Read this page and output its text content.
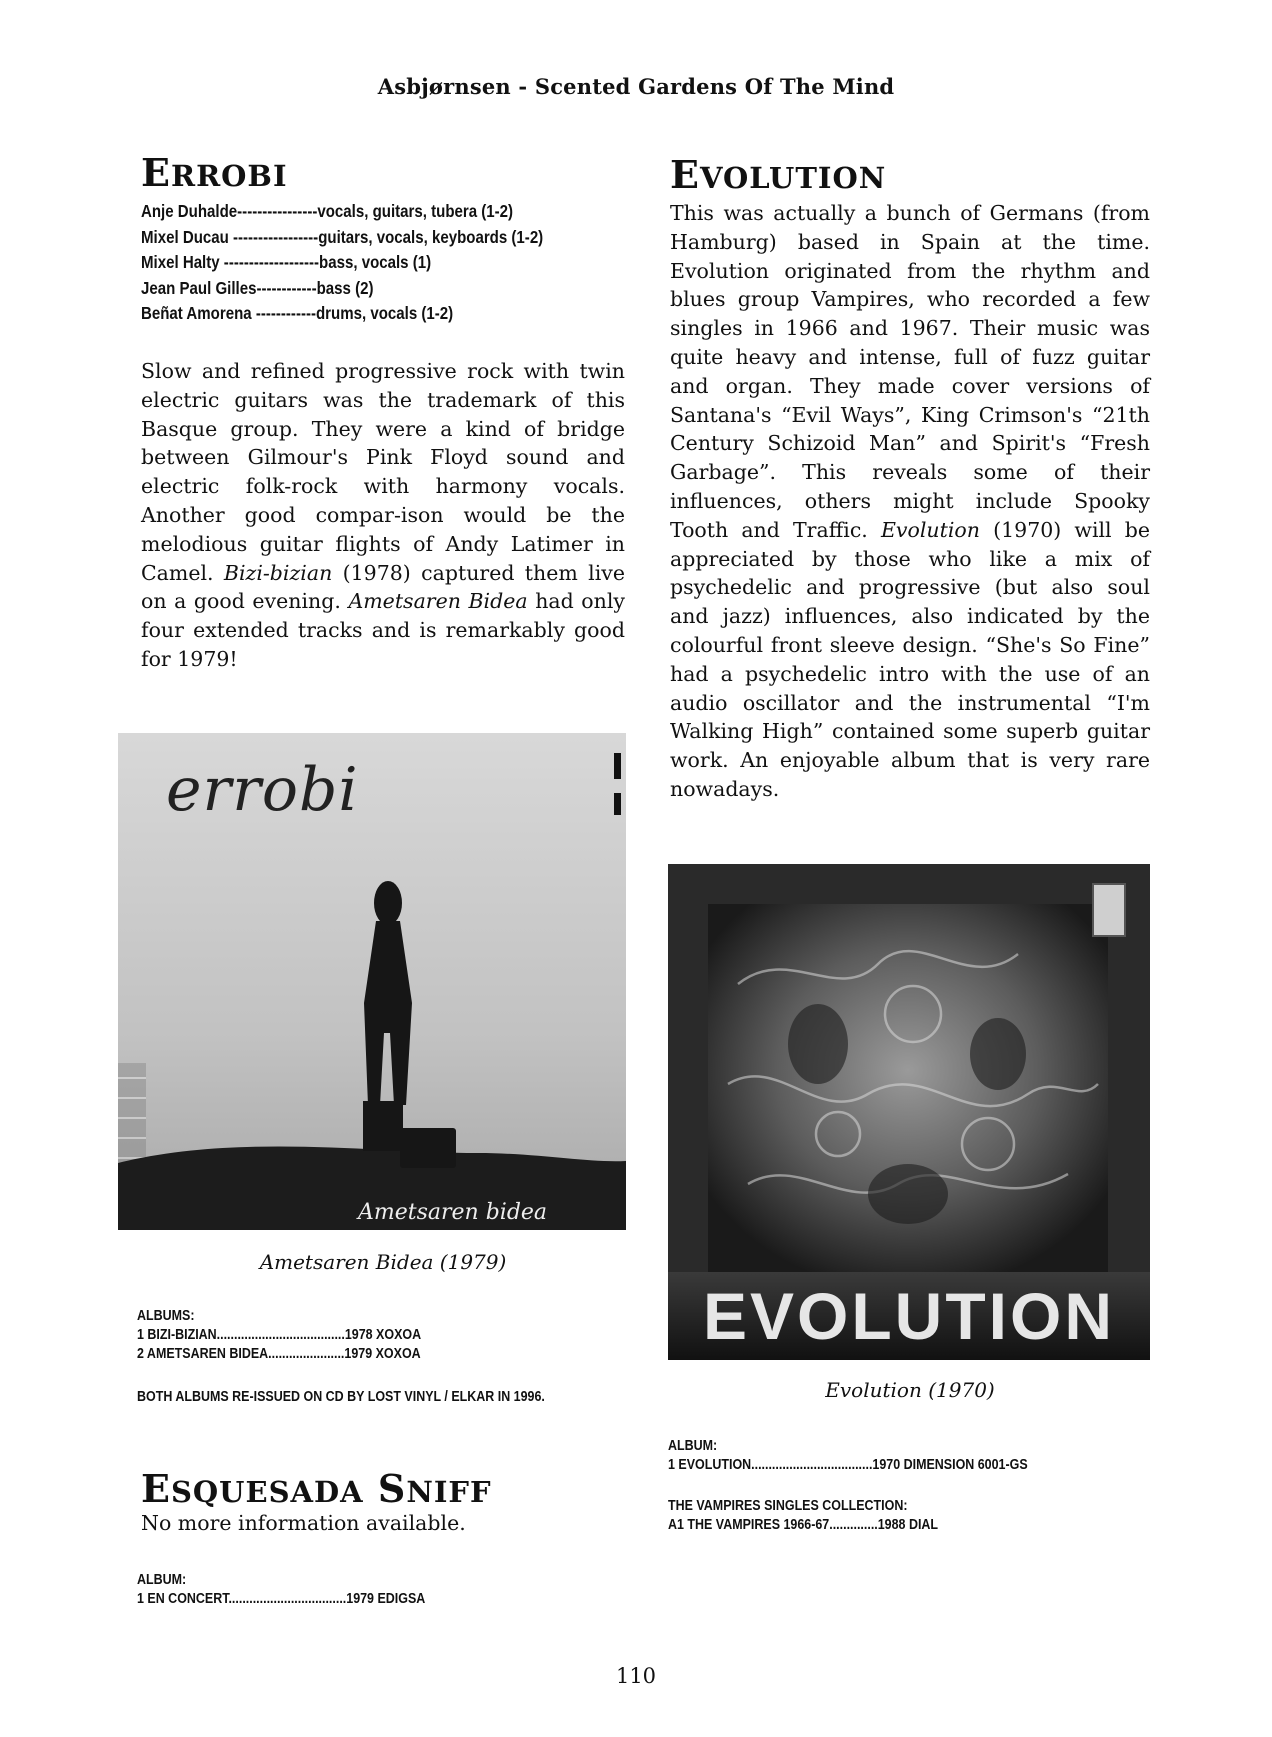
Asbjørnsen - Scented Gardens Of The Mind
ERROBI
Anje Duhalde----------------vocals, guitars, tubera (1-2)
Mixel Ducau -----------------guitars, vocals, keyboards (1-2)
Mixel Halty -------------------bass, vocals (1)
Jean Paul Gilles------------bass (2)
Beñat Amorena ------------drums, vocals (1-2)
Slow and refined progressive rock with twin electric guitars was the trademark of this Basque group. They were a kind of bridge between Gilmour's Pink Floyd sound and electric folk-rock with harmony vocals. Another good compar-ison would be the melodious guitar flights of Andy Latimer in Camel. Bizi-bizian (1978) captured them live on a good evening. Ametsaren Bidea had only four extended tracks and is remarkably good for 1979!
errobi
Ametsaren bidea
Ametsaren Bidea (1979)
ALBUMS:
1 BIZI-BIZIAN.....................................1978 XOXOA
2 AMETSAREN BIDEA......................1979 XOXOA
BOTH ALBUMS RE-ISSUED ON CD BY LOST VINYL / ELKAR IN 1996.
ESQUESADA SNIFF
No more information available.
ALBUM:
1 EN CONCERT..................................1979 EDIGSA
EVOLUTION
This was actually a bunch of Germans (from Hamburg) based in Spain at the time. Evolution originated from the rhythm and blues group Vampires, who recorded a few singles in 1966 and 1967. Their music was quite heavy and intense, full of fuzz guitar and organ. They made cover versions of Santana's “Evil Ways”, King Crimson's “21th Century Schizoid Man” and Spirit's “Fresh Garbage”. This reveals some of their influences, others might include Spooky Tooth and Traffic. Evolution (1970) will be appreciated by those who like a mix of psychedelic and progressive (but also soul and jazz) influences, also indicated by the colourful front sleeve design. “She's So Fine” had a psychedelic intro with the use of an audio oscillator and the instrumental “I'm Walking High” contained some superb guitar work. An enjoyable album that is very rare nowadays.
EVOLUTION
Evolution (1970)
ALBUM:
1 EVOLUTION...................................1970 DIMENSION 6001-GS
THE VAMPIRES SINGLES COLLECTION:
A1 THE VAMPIRES 1966-67..............1988 DIAL
110
